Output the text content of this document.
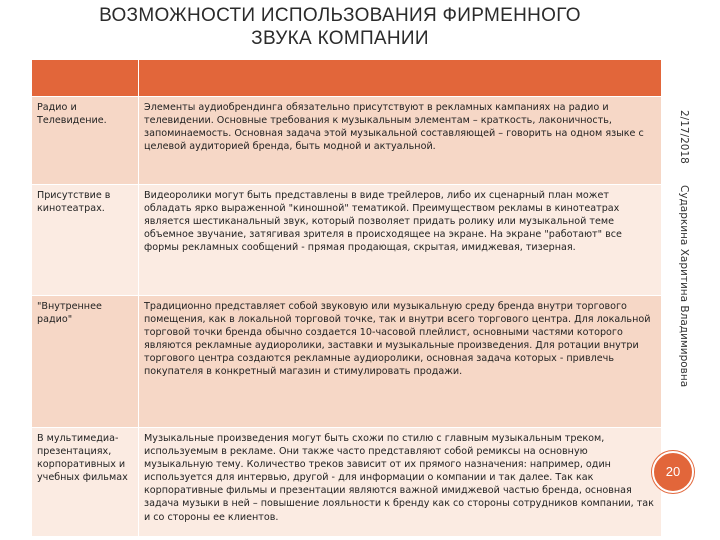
ВОЗМОЖНОСТИ ИСПОЛЬЗОВАНИЯ ФИРМЕННОГО
ЗВУКА КОМПАНИИ

Радио и Телевидение.	Элементы аудиобрендинга обязательно присутствуют в рекламных кампаниях на радио и телевидении. Основные требования к музыкальным элементам – краткость, лаконичность, запоминаемость. Основная задача этой музыкальной составляющей – говорить на одном языке с целевой аудиторией бренда, быть модной и актуальной.
Присутствие в кинотеатрах.	Видеоролики могут быть представлены в виде трейлеров, либо их сценарный план может обладать ярко выраженной "киношной" тематикой. Преимуществом рекламы в кинотеатрах является шестиканальный звук, который позволяет придать ролику или музыкальной теме объемное звучание, затягивая зрителя в происходящее на экране. На экране "работают" все формы рекламных сообщений - прямая продающая, скрытая, имиджевая, тизерная.
"Внутреннее радио"	Традиционно представляет собой звуковую или музыкальную среду бренда внутри торгового помещения, как в локальной торговой точке, так и внутри всего торгового центра. Для локальной торговой точки бренда обычно создается 10-часовой плейлист, основными частями которого являются рекламные аудиоролики, заставки и музыкальные произведения. Для ротации внутри торгового центра создаются рекламные аудиоролики, основная задача которых - привлечь покупателя в конкретный магазин и стимулировать продажи.
В мультимедиа-презентациях, корпоративных и учебных фильмах	Музыкальные произведения могут быть схожи по стилю с главным музыкальным треком, используемым в рекламе. Они также часто представляют собой ремиксы на основную музыкальную тему. Количество треков зависит от их прямого назначения: например, один используется для интервью, другой - для информации о компании и так далее. Так как корпоративные фильмы и презентации являются важной имиджевой частью бренда, основная задача музыки в ней – повышение лояльности к бренду как со стороны сотрудников компании, так и со стороны ее клиентов.
2/17/2018
Сударкина Харитина Владимировна
20
